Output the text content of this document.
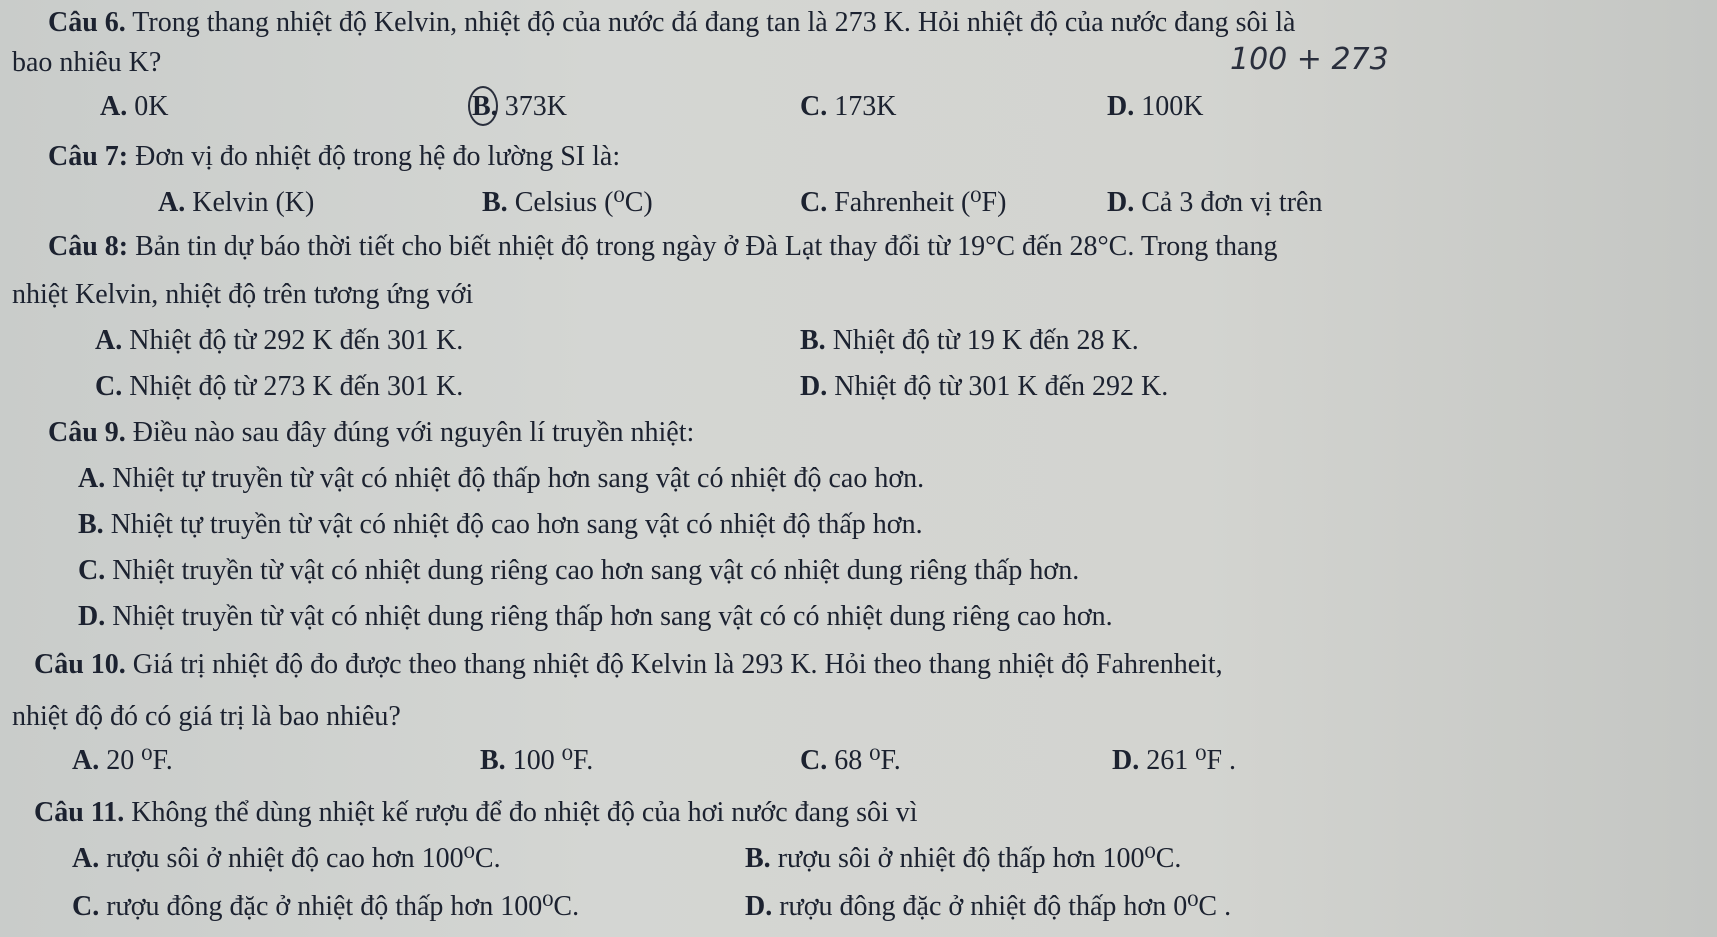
Câu 6. Trong thang nhiệt độ Kelvin, nhiệt độ của nước đá đang tan là 273 K. Hỏi nhiệt độ của nước đang sôi là
bao nhiêu K?	100 + 273
A. 0K	B. 373K	C. 173K	D. 100K
Câu 7: Đơn vị đo nhiệt độ trong hệ đo lường SI là:
A. Kelvin (K)	B. Celsius (⁰C)	C. Fahrenheit (⁰F)	D. Cả 3 đơn vị trên
Câu 8: Bản tin dự báo thời tiết cho biết nhiệt độ trong ngày ở Đà Lạt thay đổi từ 19°C đến 28°C. Trong thang
nhiệt Kelvin, nhiệt độ trên tương ứng với
A. Nhiệt độ từ 292 K đến 301 K.	B. Nhiệt độ từ 19 K đến 28 K.
C. Nhiệt độ từ 273 K đến 301 K.	D. Nhiệt độ từ 301 K đến 292 K.
Câu 9. Điều nào sau đây đúng với nguyên lí truyền nhiệt:
A. Nhiệt tự truyền từ vật có nhiệt độ thấp hơn sang vật có nhiệt độ cao hơn.
B. Nhiệt tự truyền từ vật có nhiệt độ cao hơn sang vật có nhiệt độ thấp hơn.
C. Nhiệt truyền từ vật có nhiệt dung riêng cao hơn sang vật có nhiệt dung riêng thấp hơn.
D. Nhiệt truyền từ vật có nhiệt dung riêng thấp hơn sang vật có có nhiệt dung riêng cao hơn.
Câu 10. Giá trị nhiệt độ đo được theo thang nhiệt độ Kelvin là 293 K. Hỏi theo thang nhiệt độ Fahrenheit,
nhiệt độ đó có giá trị là bao nhiêu?
A. 20 ⁰F.	B. 100 ⁰F.	C. 68 ⁰F.	D. 261 ⁰F .
Câu 11. Không thể dùng nhiệt kế rượu để đo nhiệt độ của hơi nước đang sôi vì
A. rượu sôi ở nhiệt độ cao hơn 100⁰C.	B. rượu sôi ở nhiệt độ thấp hơn 100⁰C.
C. rượu đông đặc ở nhiệt độ thấp hơn 100⁰C.	D. rượu đông đặc ở nhiệt độ thấp hơn 0⁰C .
